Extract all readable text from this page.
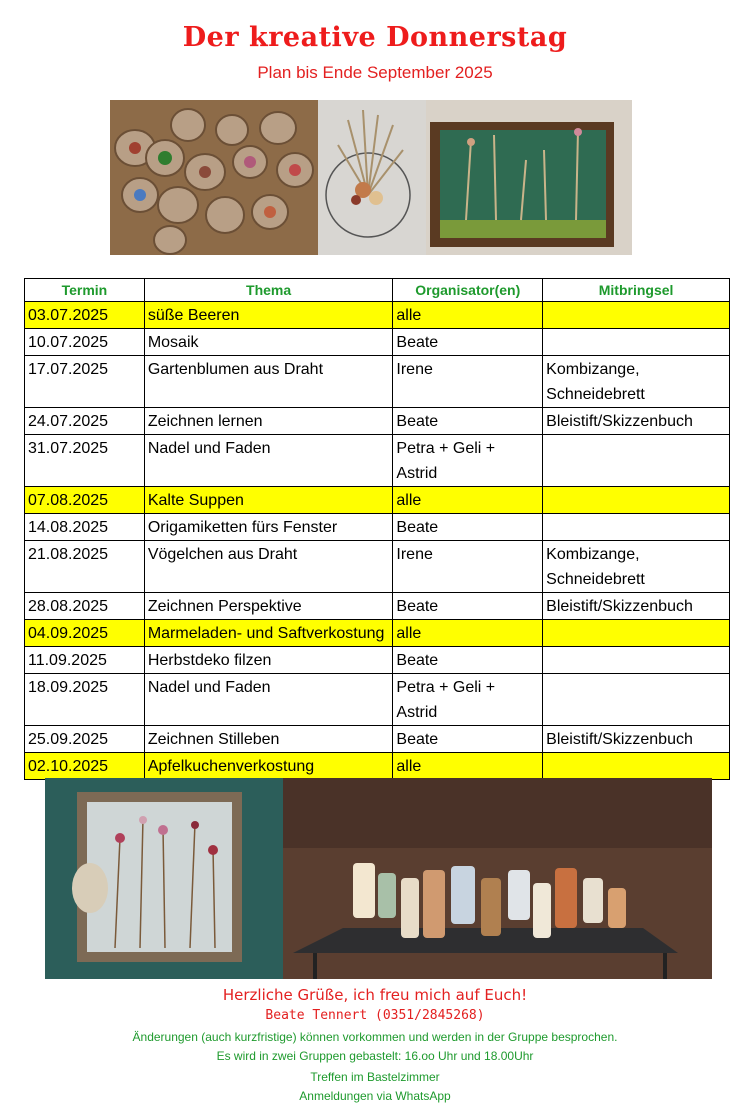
Der kreative Donnerstag
Plan bis Ende September 2025
Termin	Thema	Organisator(en)	Mitbringsel
03.07.2025	süße Beeren	alle	
10.07.2025	Mosaik	Beate	
17.07.2025	Gartenblumen aus Draht	Irene	Kombizange, Schneidebrett
24.07.2025	Zeichnen lernen	Beate	Bleistift/Skizzenbuch
31.07.2025	Nadel und Faden	Petra + Geli + Astrid	
07.08.2025	Kalte Suppen	alle	
14.08.2025	Origamiketten fürs Fenster	Beate	
21.08.2025	Vögelchen aus Draht	Irene	Kombizange, Schneidebrett
28.08.2025	Zeichnen Perspektive	Beate	Bleistift/Skizzenbuch
04.09.2025	Marmeladen- und Saftverkostung	alle	
11.09.2025	Herbstdeko filzen	Beate	
18.09.2025	Nadel und Faden	Petra + Geli + Astrid	
25.09.2025	Zeichnen Stilleben	Beate	Bleistift/Skizzenbuch
02.10.2025	Apfelkuchenverkostung	alle	
Herzliche Grüße, ich freu mich auf Euch!
Beate Tennert (0351/2845268)
Änderungen (auch kurzfristige) können vorkommen und werden in der Gruppe besprochen.
Es wird in zwei Gruppen gebastelt: 16.oo Uhr und 18.00Uhr
Treffen im Bastelzimmer
Anmeldungen via WhatsApp
